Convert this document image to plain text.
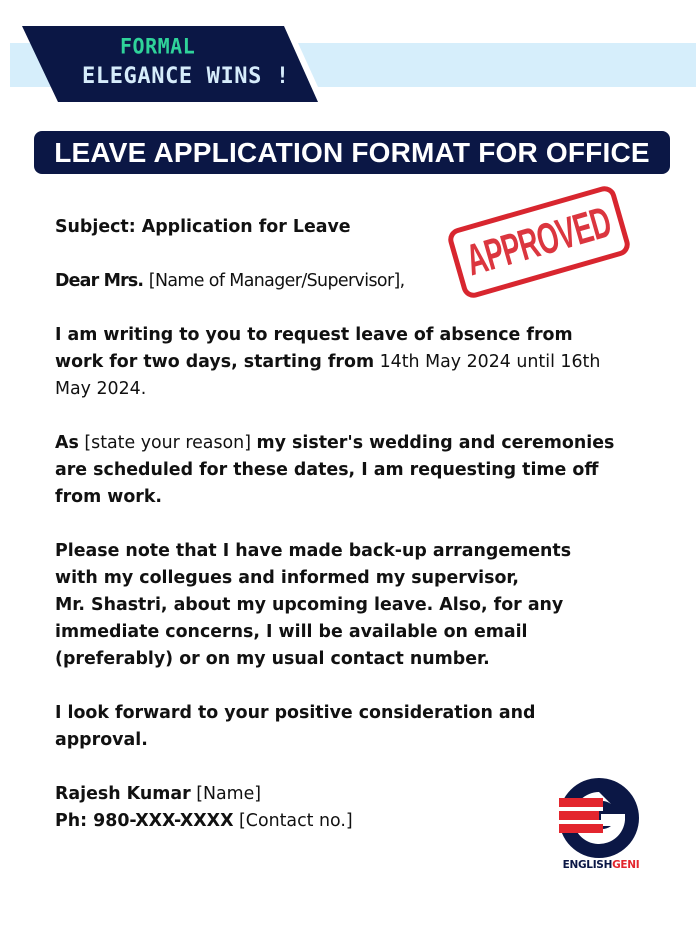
FORMAL
ELEGANCE WINS !
LEAVE APPLICATION FORMAT FOR OFFICE
APPROVED

Subject: Application for Leave

Dear Mrs. [Name of Manager/Supervisor],

I am writing to you to request leave of absence from work for two days, starting from 14th May 2024 until 16th May 2024.

As [state your reason] my sister's wedding and ceremonies are scheduled for these dates, I am requesting time off from work.

Please note that I have made back-up arrangements with my collegues and informed my supervisor,
Mr. Shastri, about my upcoming leave. Also, for any immediate concerns, I will be available on email (preferably) or on my usual contact number.

I look forward to your positive consideration and approval.

Rajesh Kumar [Name]
Ph: 980-XXX-XXXX [Contact no.]

ENGLISHGENI
